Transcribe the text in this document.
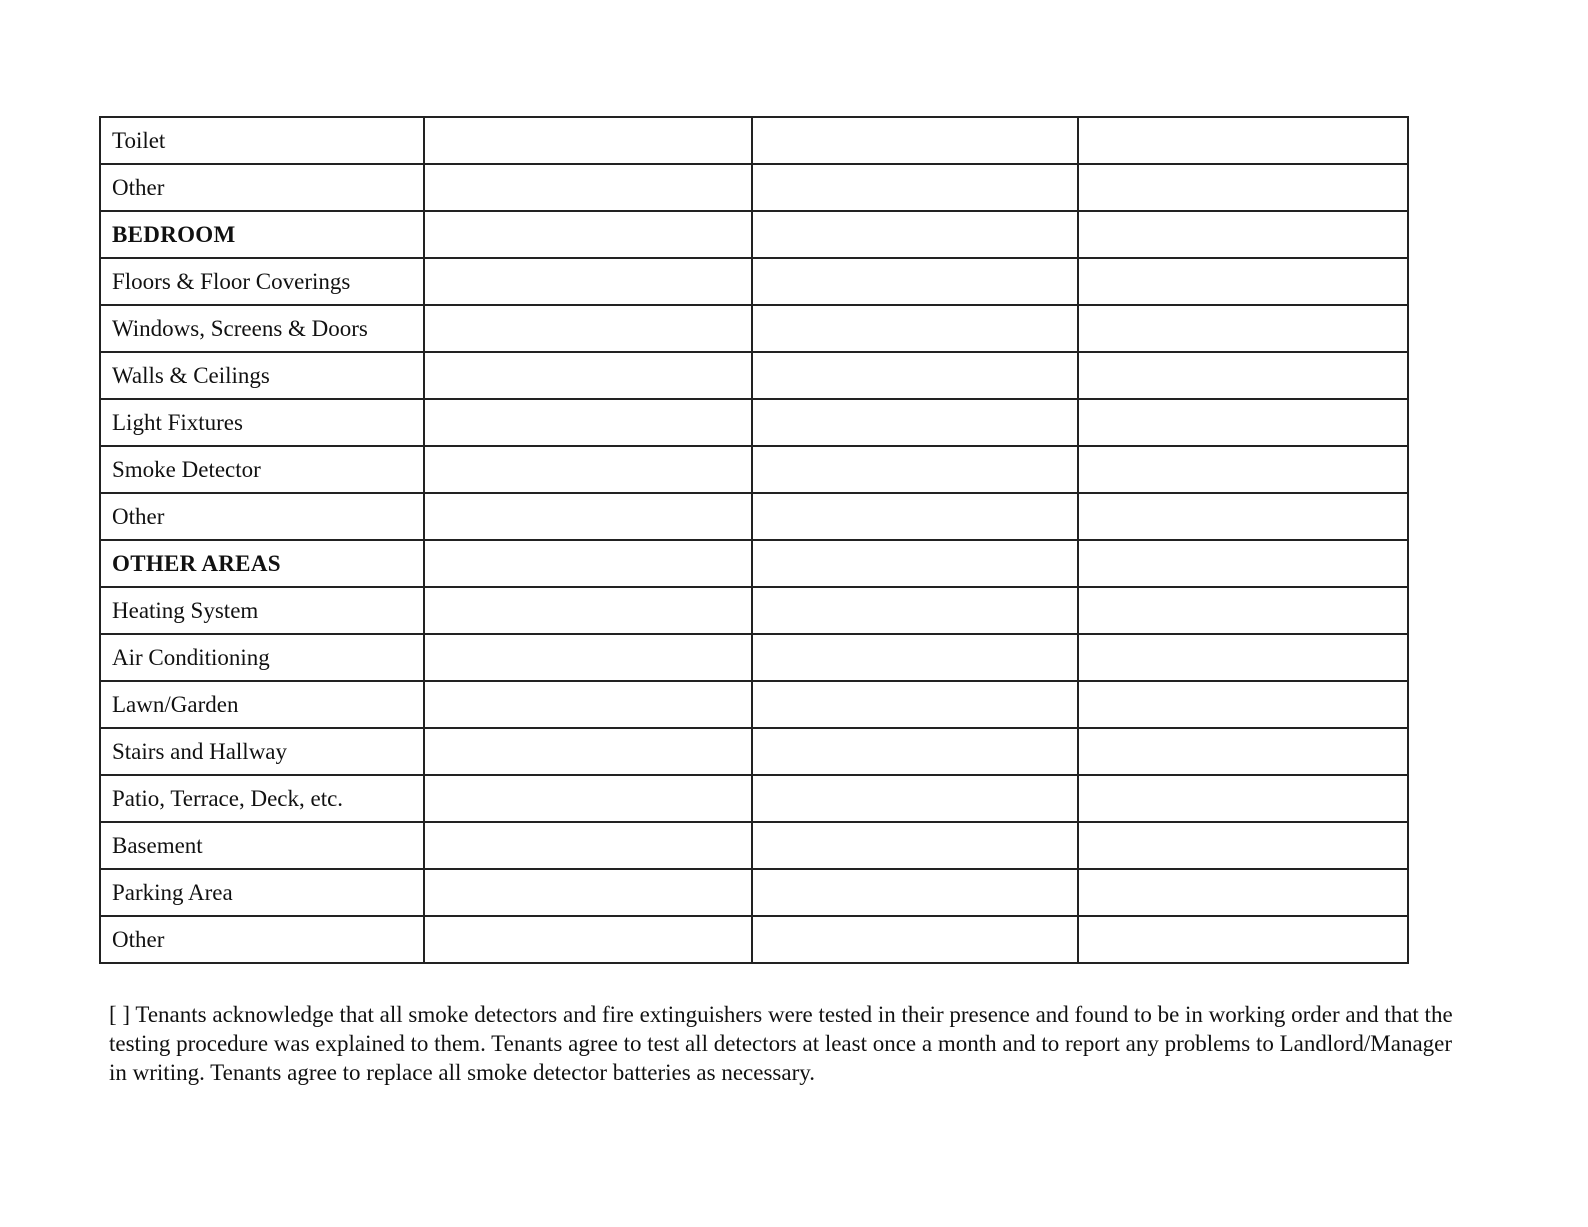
Toilet			
Other			
BEDROOM			
Floors & Floor Coverings			
Windows, Screens & Doors			
Walls & Ceilings			
Light Fixtures			
Smoke Detector			
Other			
OTHER AREAS			
Heating System			
Air Conditioning			
Lawn/Garden			
Stairs and Hallway			
Patio, Terrace, Deck, etc.			
Basement			
Parking Area			
Other			

[ ] Tenants acknowledge that all smoke detectors and fire extinguishers were tested in their presence and found to be in working order and that the testing procedure was explained to them. Tenants agree to test all detectors at least once a month and to report any problems to Landlord/Manager in writing. Tenants agree to replace all smoke detector batteries as necessary.
